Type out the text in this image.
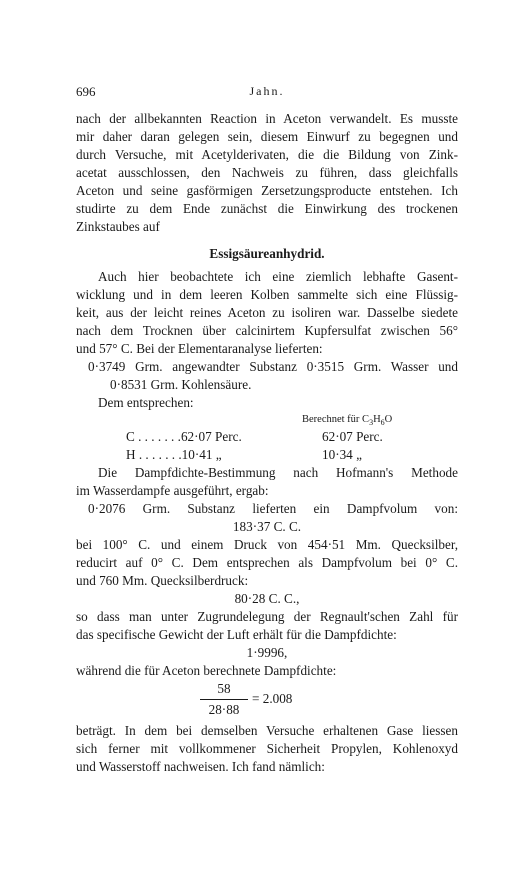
696	Jahn.
nach der allbekannten Reaction in Aceton verwandelt. Es musste
mir daher daran gelegen sein, diesem Einwurf zu begegnen und
durch Versuche, mit Acetylderivaten, die die Bildung von Zink-
acetat ausschlossen, den Nachweis zu führen, dass gleichfalls
Aceton und seine gasförmigen Zersetzungsproducte entstehen. Ich
studirte zu dem Ende zunächst die Einwirkung des trockenen
Zinkstaubes auf
Essigsäureanhydrid.
Auch hier beobachtete ich eine ziemlich lebhafte Gasent-
wicklung und in dem leeren Kolben sammelte sich eine Flüssig-
keit, aus der leicht reines Aceton zu isoliren war. Dasselbe siedete
nach dem Trocknen über calcinirtem Kupfersulfat zwischen 56°
und 57° C. Bei der Elementaranalyse lieferten:
0·3749 Grm. angewandter Substanz 0·3515 Grm. Wasser und
0·8531 Grm. Kohlensäure.
Dem entsprechen:
Berechnet für $C_3H_6O$
C . . . . . . .62·07 Perc.	62·07 Perc.
H . . . . . . .10·41 „	10·34 „
Die Dampfdichte-Bestimmung nach Hofmann's Methode
im Wasserdampfe ausgeführt, ergab:
0·2076 Grm. Substanz lieferten ein Dampfvolum von:
183·37 C. C.
bei 100° C. und einem Druck von 454·51 Mm. Quecksilber,
reducirt auf 0° C. Dem entsprechen als Dampfvolum bei 0° C.
und 760 Mm. Quecksilberdruck:
80·28 C. C.,
so dass man unter Zugrundelegung der Regnault'schen Zahl für
das specifische Gewicht der Luft erhält für die Dampfdichte:
1·9996,
während die für Aceton berechnete Dampfdichte:
58
28·88
= 2.008
beträgt. In dem bei demselben Versuche erhaltenen Gase liessen
sich ferner mit vollkommener Sicherheit Propylen, Kohlenoxyd
und Wasserstoff nachweisen. Ich fand nämlich:
